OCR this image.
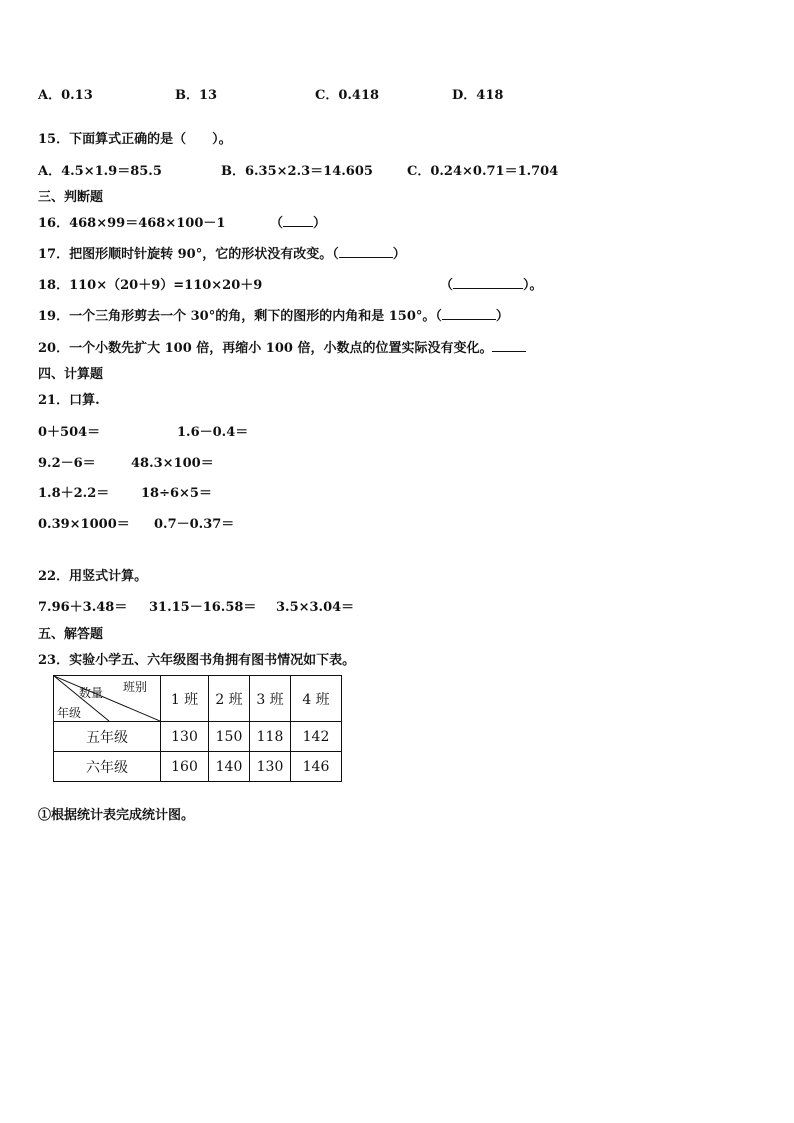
A．0.13	B．13	C．0.418	D．418
15．下面算式正确的是（　　）。
A．4.5×1.9＝85.5	B．6.35×2.3＝14.605	C．0.24×0.71＝1.704
三、判断题
16．468×99＝468×100－1	（ ）
17．把图形顺时针旋转 90°，它的形状没有改变。（	）
18．110×（20＋9）=110×20＋9	（	）。
19．一个三角形剪去一个 30°的角，剩下的图形的内角和是 150°。（	）
20．一个小数先扩大 100 倍，再缩小 100 倍，小数点的位置实际没有变化。
四、计算题
21．口算.
0＋504＝	1.6－0.4＝
9.2－6＝	48.3×100＝
1.8＋2.2＝ 18÷6×5＝
0.39×1000＝ 0.7－0.37＝
22．用竖式计算。
7.96＋3.48＝ 31.15－16.58＝ 3.5×3.04＝
五、解答题
23．实验小学五、六年级图书角拥有图书情况如下表。
班别
数量
年级	1 班	2 班	3 班	4 班
五年级	130	150	118	142
六年级	160	140	130	146
①根据统计表完成统计图。
